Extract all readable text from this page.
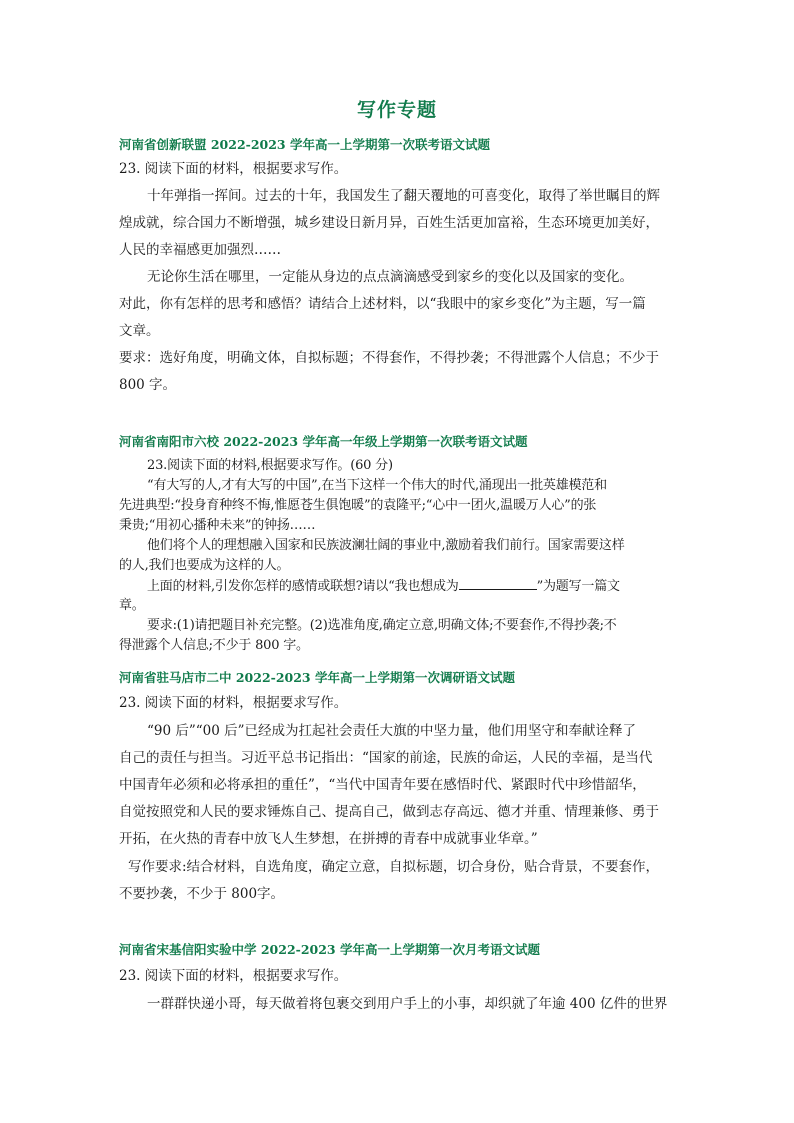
写作专题
河南省创新联盟 2022-2023 学年高一上学期第一次联考语文试题
23. 阅读下面的材料，根据要求写作。
十年弹指一挥间。过去的十年，我国发生了翻天覆地的可喜变化，取得了举世瞩目的辉
煌成就，综合国力不断增强，城乡建设日新月异，百姓生活更加富裕，生态环境更加美好，
人民的幸福感更加强烈……
无论你生活在哪里，一定能从身边的点点滴滴感受到家乡的变化以及国家的变化。
对此，你有怎样的思考和感悟？请结合上述材料，以“我眼中的家乡变化”为主题，写一篇
文章。
要求：选好角度，明确文体，自拟标题；不得套作，不得抄袭；不得泄露个人信息；不少于
800 字。
河南省南阳市六校 2022-2023 学年高一年级上学期第一次联考语文试题
23.阅读下面的材料,根据要求写作。(60 分)
“有大写的人,才有大写的中国”,在当下这样一个伟大的时代,涌现出一批英雄模范和
先进典型:“投身育种终不悔,惟愿苍生俱饱暖”的袁隆平;“心中一团火,温暖万人心”的张
秉贵;“用初心播种未来”的钟扬……
他们将个人的理想融入国家和民族波澜壮阔的事业中,激励着我们前行。国家需要这样
的人,我们也要成为这样的人。
上面的材料,引发你怎样的感情或联想?请以“我也想成为	”为题写一篇文
章。
要求:(1)请把题目补充完整。(2)选准角度,确定立意,明确文体;不要套作,不得抄袭;不
得泄露个人信息;不少于 800 字。
河南省驻马店市二中 2022-2023 学年高一上学期第一次调研语文试题
23. 阅读下面的材料，根据要求写作。
“90 后”“00 后”已经成为扛起社会责任大旗的中坚力量，他们用坚守和奉献诠释了
自己的责任与担当。习近平总书记指出：“国家的前途，民族的命运，人民的幸福，是当代
中国青年必须和必将承担的重任”，“当代中国青年要在感悟时代、紧跟时代中珍惜韶华，
自觉按照党和人民的要求锤炼自己、提高自己，做到志存高远、德才并重、情理兼修、勇于
开拓，在火热的青春中放飞人生梦想，在拼搏的青春中成就事业华章。”
写作要求:结合材料，自选角度，确定立意，自拟标题，切合身份，贴合背景，不要套作，
不要抄袭，不少于 800字。
河南省宋基信阳实验中学 2022-2023 学年高一上学期第一次月考语文试题
23. 阅读下面的材料，根据要求写作。
一群群快递小哥，每天做着将包裹交到用户手上的小事，却织就了年逾 400 亿件的世界
